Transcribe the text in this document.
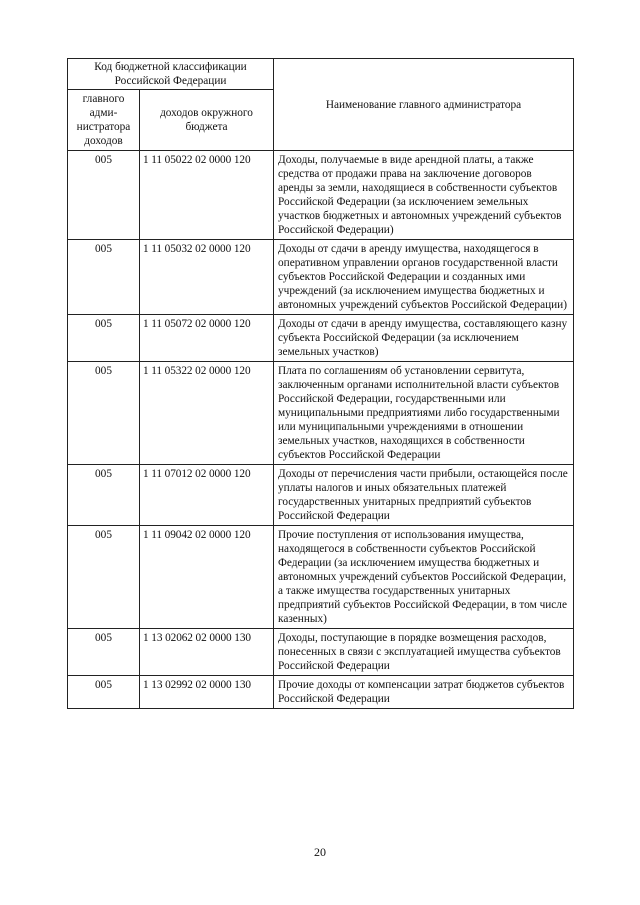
Код бюджетной классификации Российской Федерации		Наименование главного администратора
главного адми-нистратора доходов	доходов окружного бюджета	
005	1 11 05022 02 0000 120	Доходы, получаемые в виде арендной платы, а также средства от продажи права на заключение договоров аренды за земли, находящиеся в собственности субъектов Российской Федерации (за исключением земельных участков бюджетных и автономных учреждений субъектов Российской Федерации)
005	1 11 05032 02 0000 120	Доходы от сдачи в аренду имущества, находящегося в оперативном управлении органов государственной власти субъектов Российской Федерации и созданных ими учреждений (за исключением имущества бюджетных и автономных учреждений субъектов Российской Федерации)
005	1 11 05072 02 0000 120	Доходы от сдачи в аренду имущества, составляющего казну субъекта Российской Федерации (за исключением земельных участков)
005	1 11 05322 02 0000 120	Плата по соглашениям об установлении сервитута, заключенным органами исполнительной власти субъектов Российской Федерации, государственными или муниципальными предприятиями либо государственными или муниципальными учреждениями в отношении земельных участков, находящихся в собственности субъектов Российской Федерации
005	1 11 07012 02 0000 120	Доходы от перечисления части прибыли, остающейся после уплаты налогов и иных обязательных платежей государственных унитарных предприятий субъектов Российской Федерации
005	1 11 09042 02 0000 120	Прочие поступления от использования имущества, находящегося в собственности субъектов Российской Федерации (за исключением имущества бюджетных и автономных учреждений субъектов Российской Федерации, а также имущества государственных унитарных предприятий субъектов Российской Федерации, в том числе казенных)
005	1 13 02062 02 0000 130	Доходы, поступающие в порядке возмещения расходов, понесенных в связи с эксплуатацией имущества субъектов Российской Федерации
005	1 13 02992 02 0000 130	Прочие доходы от компенсации затрат бюджетов субъектов Российской Федерации
20
